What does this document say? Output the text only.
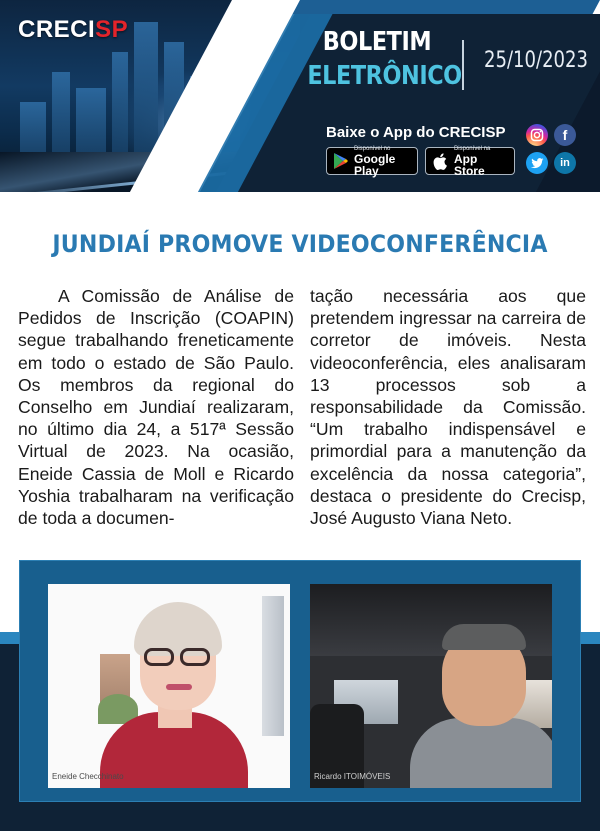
CRECISP	BOLETIM
ELETRÔNICO
25/10/2023
Baixe o App do CRECISP
Disponível no
Google Play
Disponível na
App Store
f
in
JUNDIAÍ PROMOVE VIDEOCONFERÊNCIA

A Comissão de Análise de Pedidos de Inscrição (COAPIN) segue trabalhando freneticamente em todo o estado de São Paulo. Os membros da regional do Conselho em Jundiaí realizaram, no último dia 24, a 517ª Sessão Virtual de 2023. Na ocasião, Eneide Cassia de Moll e Ricardo Yoshia trabalharam na verificação de toda a documen-

tação necessária aos que pretendem ingressar na carreira de corretor de imóveis. Nesta videoconferência, eles analisaram 13 processos sob a responsabilidade da Comissão. “Um trabalho indispensável e primordial para a manutenção da excelência da nossa categoria”, destaca o presidente do Crecisp, José Augusto Viana Neto.

Eneide Checchinato	Ricardo ITOIMÓVEIS
